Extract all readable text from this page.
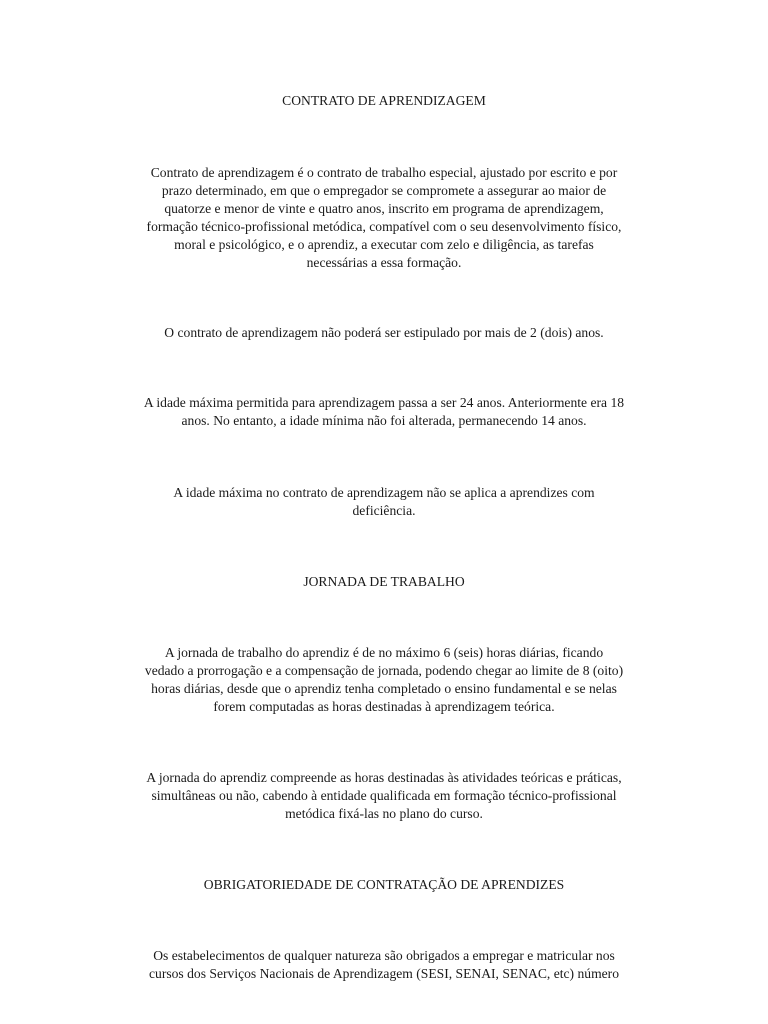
CONTRATO DE APRENDIZAGEM

Contrato de aprendizagem é o contrato de trabalho especial, ajustado por escrito e por

prazo determinado, em que o empregador se compromete a assegurar ao maior de

quatorze e menor de vinte e quatro anos, inscrito em programa de aprendizagem,

formação técnico-profissional metódica, compatível com o seu desenvolvimento físico,

moral e psicológico, e o aprendiz, a executar com zelo e diligência, as tarefas

necessárias a essa formação.

O contrato de aprendizagem não poderá ser estipulado por mais de 2 (dois) anos.

A idade máxima permitida para aprendizagem passa a ser 24 anos. Anteriormente era 18

anos. No entanto, a idade mínima não foi alterada, permanecendo 14 anos.

A idade máxima no contrato de aprendizagem não se aplica a aprendizes com

deficiência.

JORNADA DE TRABALHO

A jornada de trabalho do aprendiz é de no máximo 6 (seis) horas diárias, ficando

vedado a prorrogação e a compensação de jornada, podendo chegar ao limite de 8 (oito)

horas diárias, desde que o aprendiz tenha completado o ensino fundamental e se nelas

forem computadas as horas destinadas à aprendizagem teórica.

A jornada do aprendiz compreende as horas destinadas às atividades teóricas e práticas,

simultâneas ou não, cabendo à entidade qualificada em formação técnico-profissional

metódica fixá-las no plano do curso.

OBRIGATORIEDADE DE CONTRATAÇÃO DE APRENDIZES

Os estabelecimentos de qualquer natureza são obrigados a empregar e matricular nos

cursos dos Serviços Nacionais de Aprendizagem (SESI, SENAI, SENAC, etc) número
